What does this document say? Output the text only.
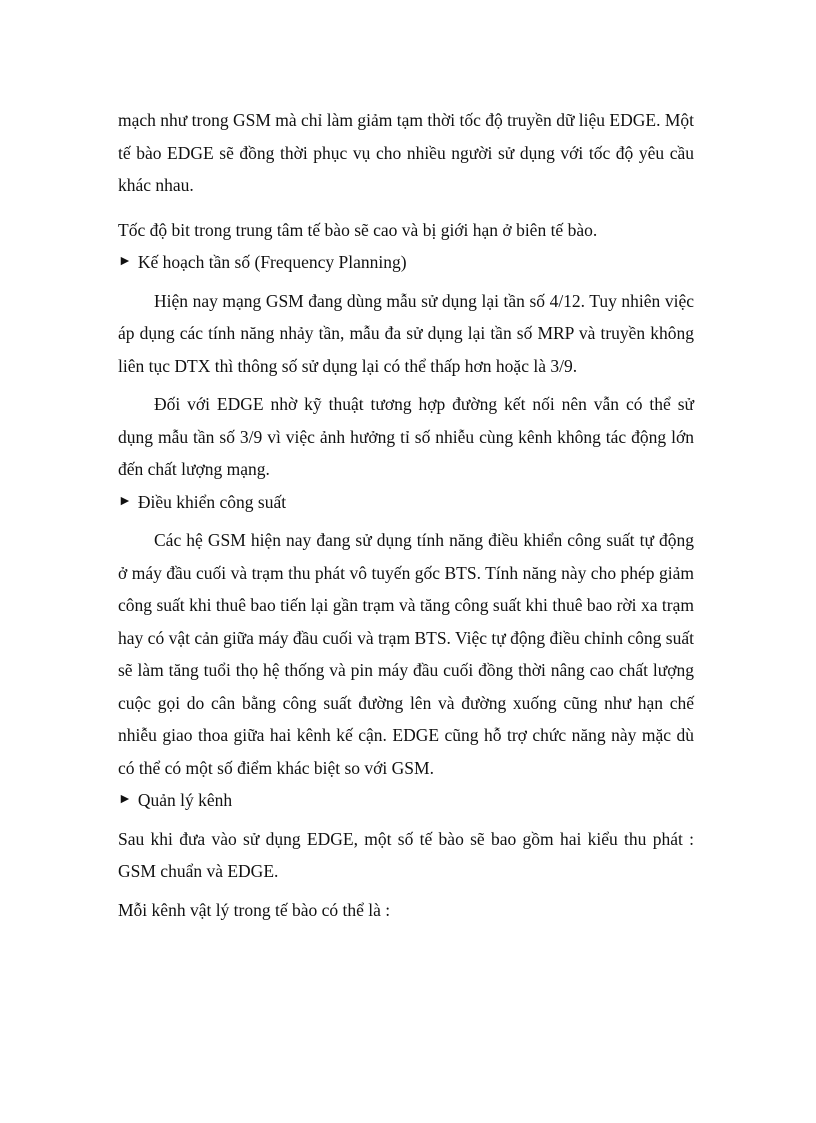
mạch như trong GSM mà chỉ làm giảm tạm thời tốc độ truyền dữ liệu EDGE. Một tế bào EDGE sẽ đồng thời phục vụ cho nhiều người sử dụng với tốc độ yêu cầu khác nhau.

Tốc độ bit trong trung tâm tế bào sẽ cao và bị giới hạn ở biên tế bào.

► Kế hoạch tần số (Frequency Planning)

Hiện nay mạng GSM đang dùng mẫu sử dụng lại tần số 4/12. Tuy nhiên việc áp dụng các tính năng nhảy tần, mẫu đa sử dụng lại tần số MRP và truyền không liên tục DTX thì thông số sử dụng lại có thể thấp hơn hoặc là 3/9.

Đối với EDGE nhờ kỹ thuật tương hợp đường kết nối nên vẫn có thể sử dụng mẫu tần số 3/9 vì việc ảnh hưởng tỉ số nhiễu cùng kênh không tác động lớn đến chất lượng mạng.

► Điều khiển công suất

Các hệ GSM hiện nay đang sử dụng tính năng điều khiển công suất tự động ở máy đầu cuối và trạm thu phát vô tuyến gốc BTS. Tính năng này cho phép giảm công suất khi thuê bao tiến lại gần trạm và tăng công suất khi thuê bao rời xa trạm hay có vật cản giữa máy đầu cuối và trạm BTS. Việc tự động điều chỉnh công suất sẽ làm tăng tuổi thọ hệ thống và pin máy đầu cuối đồng thời nâng cao chất lượng cuộc gọi do cân bằng công suất đường lên và đường xuống cũng như hạn chế nhiễu giao thoa giữa hai kênh kế cận. EDGE cũng hỗ trợ chức năng này mặc dù có thể có một số điểm khác biệt so với GSM.

► Quản lý kênh

Sau khi đưa vào sử dụng EDGE, một số tế bào sẽ bao gồm hai kiểu thu phát : GSM chuẩn và EDGE.

Mỗi kênh vật lý trong tế bào có thể là :
